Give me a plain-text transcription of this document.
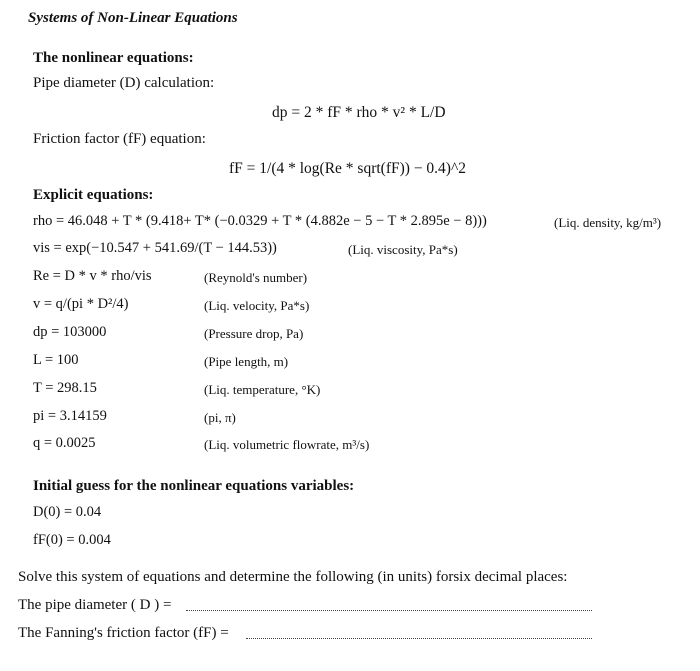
Systems of Non-Linear Equations
The nonlinear equations:
Pipe diameter (D) calculation:
dp = 2 * fF * rho * v² * L/D
Friction factor (fF) equation:
fF = 1/(4 * log(Re * sqrt(fF)) − 0.4)^2
Explicit equations:
rho = 46.048 + T * (9.418+ T* (−0.0329 + T * (4.882e − 5 − T * 2.895e − 8)))	(Liq. density, kg/m³)
vis = exp(−10.547 + 541.69/(T − 144.53))	(Liq. viscosity, Pa*s)
Re = D * v * rho/vis	(Reynold's number)
v = q/(pi * D²/4)	(Liq. velocity, Pa*s)
dp = 103000	(Pressure drop, Pa)
L = 100	(Pipe length, m)
T = 298.15	(Liq. temperature, °K)
pi = 3.14159	(pi, π)
q = 0.0025	(Liq. volumetric flowrate, m³/s)
Initial guess for the nonlinear equations variables:
D(0) = 0.04
fF(0) = 0.004
Solve this system of equations and determine the following (in units) forsix decimal places:
The pipe diameter ( D ) =
The Fanning's friction factor (fF) =
